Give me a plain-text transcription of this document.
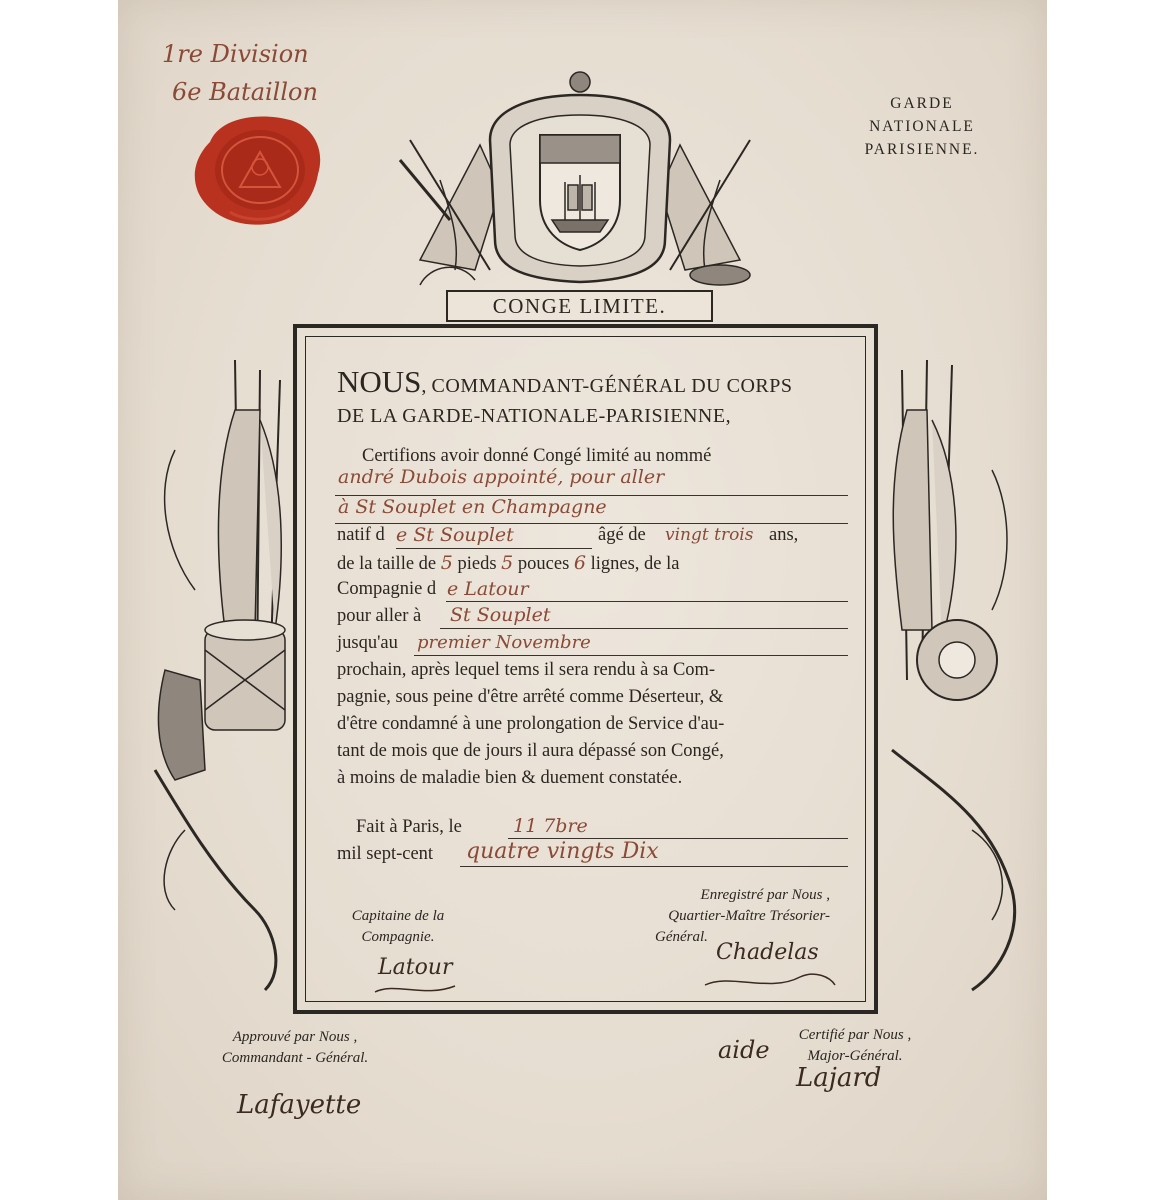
1re Division
6e Bataillon	GARDE
NATIONALE
PARISIENNE.
CONGE LIMITE.
NOUS, COMMANDANT-GÉNÉRAL DU CORPS
DE LA GARDE-NATIONALE-PARISIENNE,
Certifions avoir donné Congé limité au nommé
andré Dubois appointé, pour aller
à St Souplet en Champagne
natif d e St Souplet	âgé de vingt trois ans,
de la taille de 5 pieds 5 pouces 6 lignes, de la
Compagnie d e Latour
pour aller à St Souplet
jusqu'au premier Novembre
prochain, après lequel tems il sera rendu à sa Com-
pagnie, sous peine d'être arrêté comme Déserteur, &
d'être condamné à une prolongation de Service d'au-
tant de mois que de jours il aura dépassé son Congé,
à moins de maladie bien & duement constatée.
Fait à Paris, le	11 7bre
mil sept-cent quatre vingts Dix
Enregistré par Nous ,
Quartier-Maître Trésorier-
Général.
Capitaine de la
Compagnie.
Latour
Chadelas
Approuvé par Nous ,
Commandant - Général.
Certifié par Nous ,
Major-Général.
Lafayette
aide
Lajard
